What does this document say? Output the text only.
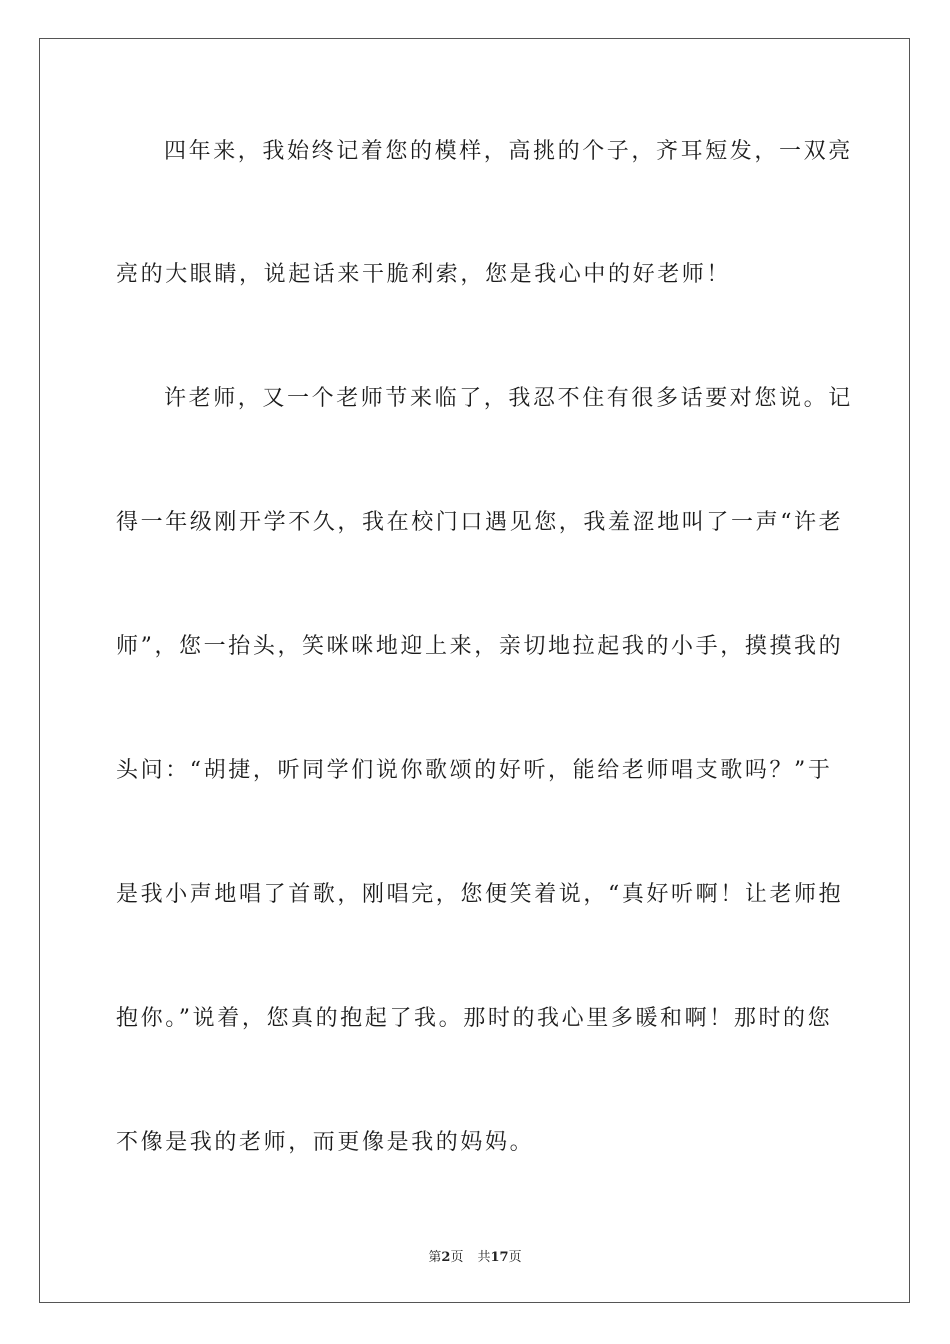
四年来，我始终记着您的模样，高挑的个子，齐耳短发，一双亮
亮的大眼睛，说起话来干脆利索，您是我心中的好老师！
许老师，又一个老师节来临了，我忍不住有很多话要对您说。记
得一年级刚开学不久，我在校门口遇见您，我羞涩地叫了一声“许老
师”，您一抬头，笑咪咪地迎上来，亲切地拉起我的小手，摸摸我的
头问：“胡捷，听同学们说你歌颂的好听，能给老师唱支歌吗？”于
是我小声地唱了首歌，刚唱完，您便笑着说，“真好听啊！让老师抱
抱你。”说着，您真的抱起了我。那时的我心里多暖和啊！那时的您
不像是我的老师，而更像是我的妈妈。
第2页 共17页
